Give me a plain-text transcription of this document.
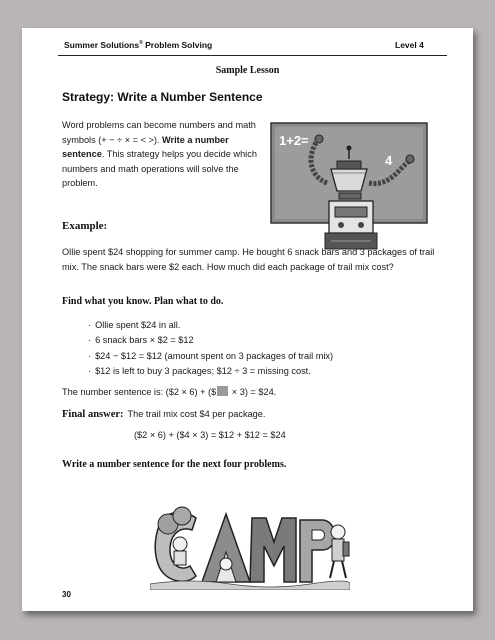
Summer Solutions® Problem Solving	Level 4
Sample Lesson
Strategy: Write a Number Sentence
Word problems can become numbers and math symbols (+ − ÷ × = < >). Write a number sentence. This strategy helps you decide which numbers and math operations will solve the problem.
1+2=
4
Example:
Ollie spent $24 shopping for summer camp. He bought 6 snack bars and 3 packages of trail mix. The snack bars were $2 each. How much did each package of trail mix cost?
Find what you know. Plan what to do.
· Ollie spent $24 in all.
· 6 snack bars × $2 = $12
· $24 − $12 = $12 (amount spent on 3 packages of trail mix)
· $12 is left to buy 3 packages; $12 ÷ 3 = missing cost.
The number sentence is: ($2 × 6) + ($ × 3) = $24.
Final answer: The trail mix cost $4 per package.
($2 × 6) + ($4 × 3) = $12 + $12 = $24
Write a number sentence for the next four problems.
30
